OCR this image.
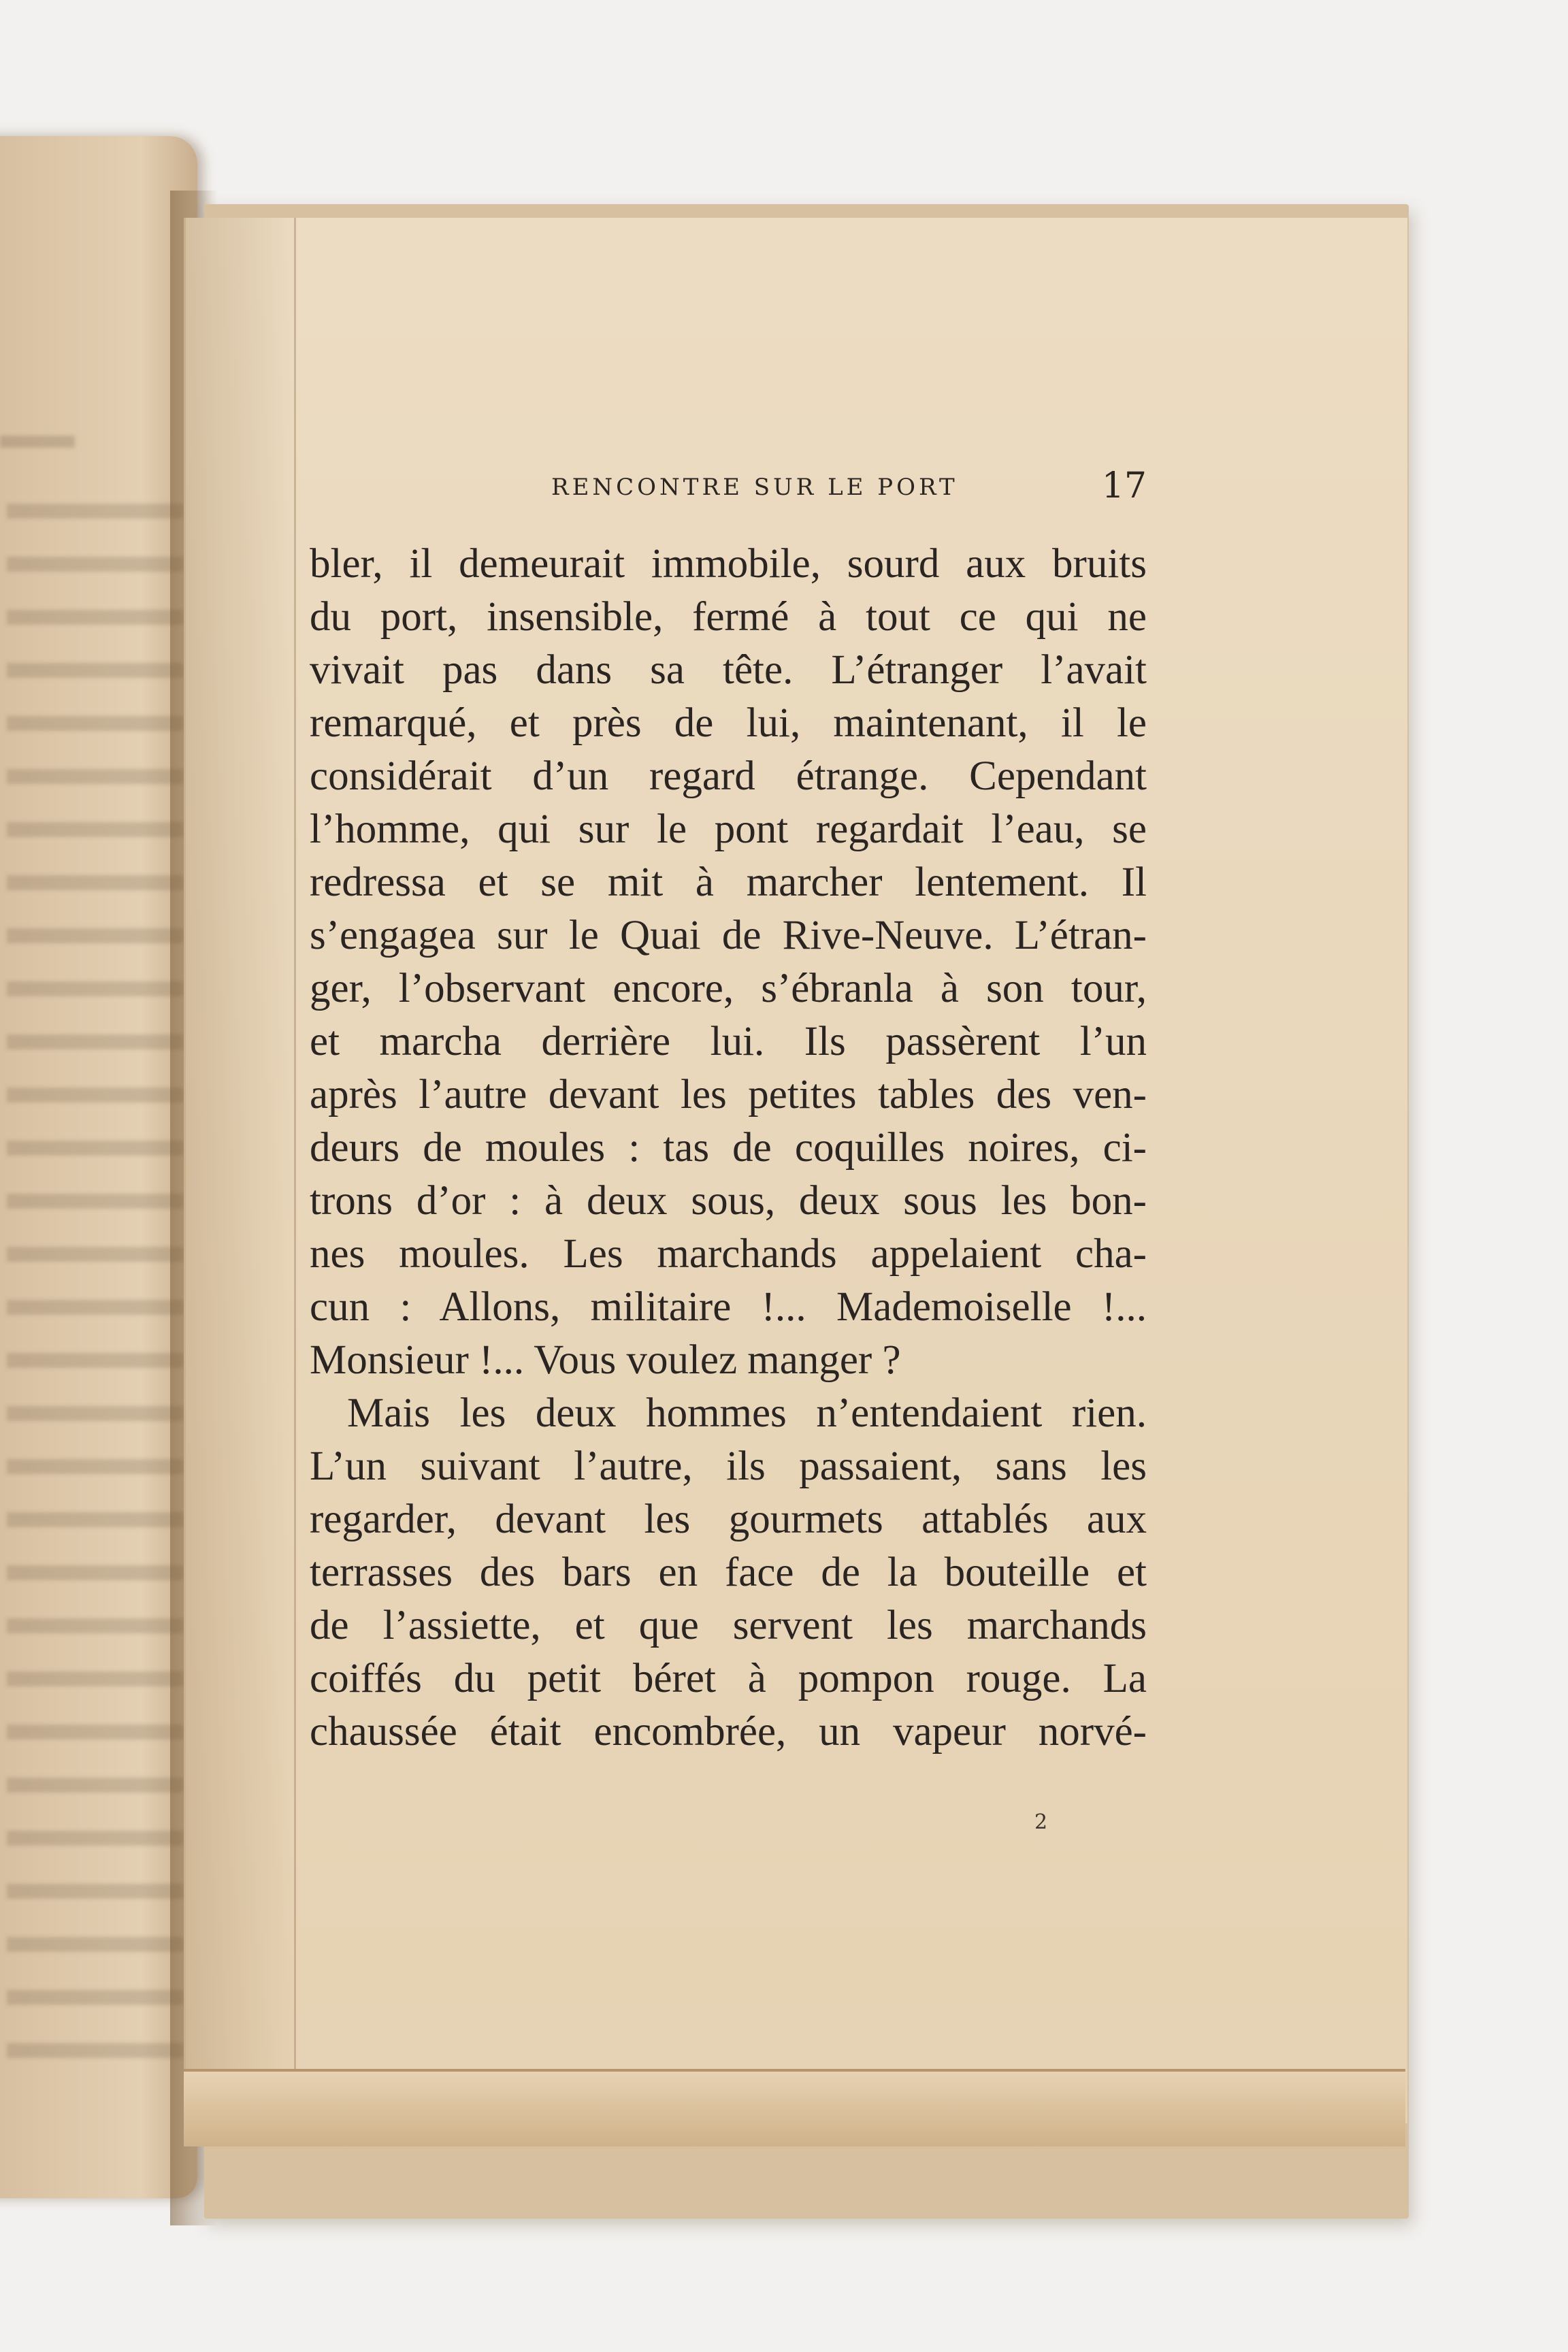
RENCONTRE SUR LE PORT	17
bler, il demeurait immobile, sourd aux bruits
du port, insensible, fermé à tout ce qui ne
vivait pas dans sa tête. L’étranger l’avait
remarqué, et près de lui, maintenant, il le
considérait d’un regard étrange. Cependant
l’homme, qui sur le pont regardait l’eau, se
redressa et se mit à marcher lentement. Il
s’engagea sur le Quai de Rive-Neuve. L’étran-
ger, l’observant encore, s’ébranla à son tour,
et marcha derrière lui. Ils passèrent l’un
après l’autre devant les petites tables des ven-
deurs de moules : tas de coquilles noires, ci-
trons d’or : à deux sous, deux sous les bon-
nes moules. Les marchands appelaient cha-
cun : Allons, militaire !... Mademoiselle !...
Monsieur !... Vous voulez manger ?
Mais les deux hommes n’entendaient rien.
L’un suivant l’autre, ils passaient, sans les
regarder, devant les gourmets attablés aux
terrasses des bars en face de la bouteille et
de l’assiette, et que servent les marchands
coiffés du petit béret à pompon rouge. La
chaussée était encombrée, un vapeur norvé-
2
